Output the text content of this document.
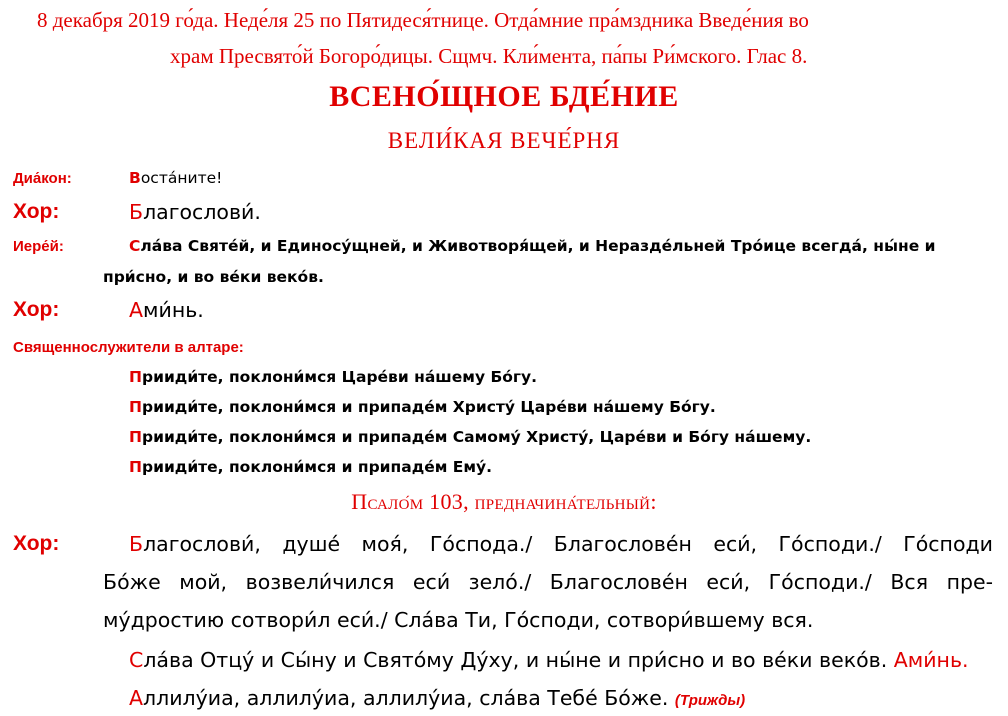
8 декабря 2019 го́да. Неде́ля 25 по Пятидеся́тнице. Отда́мние пра́мздника Введе́ния во
храм Пресвято́й Богоро́дицы. Сщмч. Кли́мента, па́пы Ри́мского. Глас 8.
ВСЕНО́ЩНОЕ БДЕ́НИЕ
ВЕЛИ́КАЯ ВЕЧЕ́РНЯ
Диа́кон:	Воста́ните!
Хор:	Благослови́.
Иере́й:	Сла́ва Святе́й, и Единосу́щней, и Животворя́щей, и Неразде́льней Тро́ице всегда́, ны́не и
при́сно, и во ве́ки веко́в.
Хор:	Ами́нь.
Священнослужители в алтаре:
Прииди́те, поклони́мся Царе́ви на́шему Бо́гу.
Прииди́те, поклони́мся и припаде́м Христу́ Царе́ви на́шему Бо́гу.
Прииди́те, поклони́мся и припаде́м Самому́ Христу́, Царе́ви и Бо́гу на́шему.
Прииди́те, поклони́мся и припаде́м Ему́.
Псало́м 103, предначина́тельный:
Хор:	Благослови́, душе́ моя́, Го́спода./ Благослове́н еси́, Го́споди./ Го́споди
Бо́же мой, возвели́чился еси́ зело́./ Благослове́н еси́, Го́споди./ Вся пре-
му́дростию сотвори́л еси́./ Сла́ва Ти, Го́споди, сотвори́вшему вся.
Сла́ва Отцу́ и Сы́ну и Свято́му Ду́ху, и ны́не и при́сно и во ве́ки веко́в. Ами́нь.
Аллилу́иа, аллилу́иа, аллилу́иа, сла́ва Тебе́ Бо́же. (Трижды)
